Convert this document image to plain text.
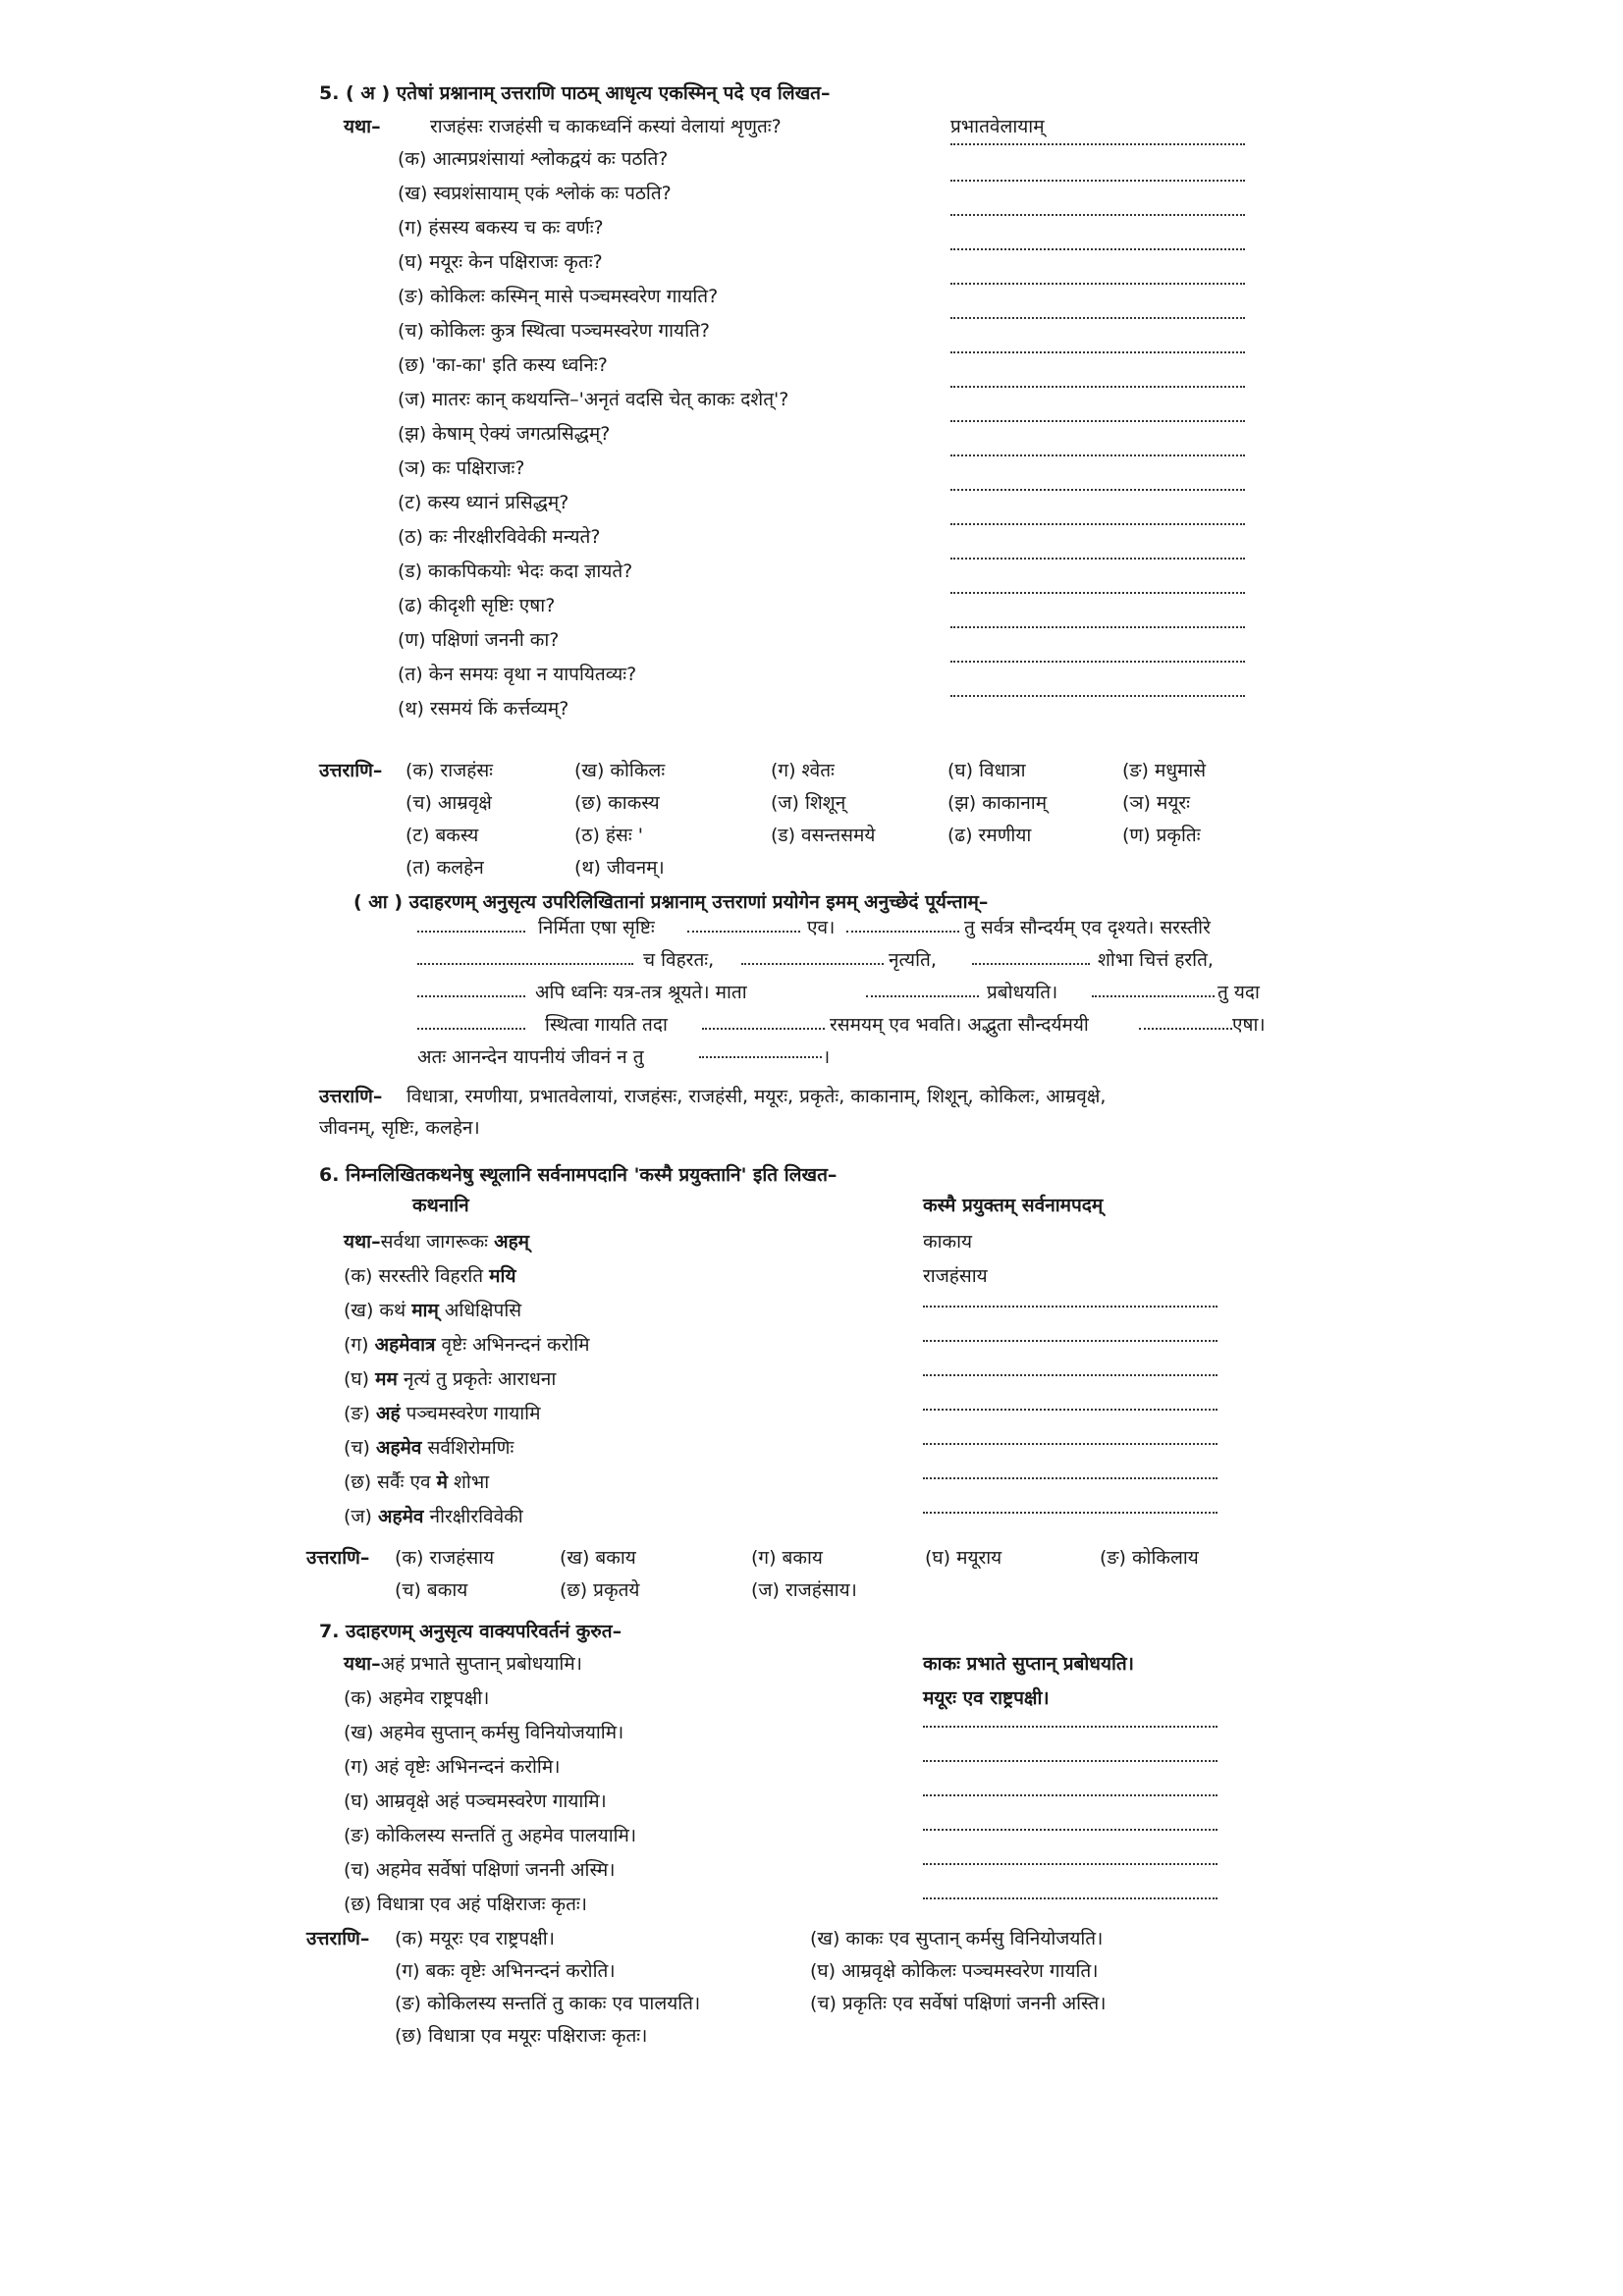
5. ( अ ) एतेषां प्रश्नानाम् उत्तराणि पाठम् आधृत्य एकस्मिन् पदे एव लिखत–
यथा–	राजहंसः राजहंसी च काकध्वनिं कस्यां वेलायां शृणुतः?	प्रभातवेलायाम्
(क) आत्मप्रशंसायां श्लोकद्वयं कः पठति?
(ख) स्वप्रशंसायाम् एकं श्लोकं कः पठति?
(ग) हंसस्य बकस्य च कः वर्णः?
(घ) मयूरः केन पक्षिराजः कृतः?
(ङ) कोकिलः कस्मिन् मासे पञ्चमस्वरेण गायति?
(च) कोकिलः कुत्र स्थित्वा पञ्चमस्वरेण गायति?
(छ) 'का-का' इति कस्य ध्वनिः?
(ज) मातरः कान् कथयन्ति–'अनृतं वदसि चेत् काकः दशेत्'?
(झ) केषाम् ऐक्यं जगत्प्रसिद्धम्?
(ञ) कः पक्षिराजः?
(ट) कस्य ध्यानं प्रसिद्धम्?
(ठ) कः नीरक्षीरविवेकी मन्यते?
(ड) काकपिकयोः भेदः कदा ज्ञायते?
(ढ) कीदृशी सृष्टिः एषा?
(ण) पक्षिणां जननी का?
(त) केन समयः वृथा न यापयितव्यः?
(थ) रसमयं किं कर्त्तव्यम्?
उत्तराणि– (क) राजहंसः	(ख) कोकिलः	(ग) श्वेतः	(घ) विधात्रा	(ङ) मधुमासे
(च) आम्रवृक्षे	(छ) काकस्य	(ज) शिशून्	(झ) काकानाम्	(ञ) मयूरः
(ट) बकस्य	(ठ) हंसः '	(ड) वसन्तसमये	(ढ) रमणीया	(ण) प्रकृतिः
(त) कलहेन	(थ) जीवनम्।
( आ ) उदाहरणम् अनुसृत्य उपरिलिखितानां प्रश्नानाम् उत्तराणां प्रयोगेन इमम् अनुच्छेदं पूर्यन्ताम्–
निर्मिता एषा सृष्टिः	एव।	तु सर्वत्र सौन्दर्यम् एव दृश्यते। सरस्तीरे
च विहरतः,	नृत्यति,	शोभा चित्तं हरति,
अपि ध्वनिः यत्र-तत्र श्रूयते। माता	प्रबोधयति।	तु यदा
स्थित्वा गायति तदा	रसमयम् एव भवति। अद्भुता सौन्दर्यमयी	एषा।
अतः आनन्देन यापनीयं जीवनं न तु	।
उत्तराणि– विधात्रा, रमणीया, प्रभातवेलायां, राजहंसः, राजहंसी, मयूरः, प्रकृतेः, काकानाम्, शिशून्, कोकिलः, आम्रवृक्षे,
जीवनम्, सृष्टिः, कलहेन।
6. निम्नलिखितकथनेषु स्थूलानि सर्वनामपदानि 'कस्मै प्रयुक्तानि' इति लिखत–
कथनानि	कस्मै प्रयुक्तम् सर्वनामपदम्
यथा–सर्वथा जागरूकः अहम्	काकाय
(क) सरस्तीरे विहरति मयि	राजहंसाय
(ख) कथं माम् अधिक्षिपसि
(ग) अहमेवात्र वृष्टेः अभिनन्दनं करोमि
(घ) मम नृत्यं तु प्रकृतेः आराधना
(ङ) अहं पञ्चमस्वरेण गायामि
(च) अहमेव सर्वशिरोमणिः
(छ) सर्वैः एव मे शोभा
(ज) अहमेव नीरक्षीरविवेकी
उत्तराणि– (क) राजहंसाय	(ख) बकाय	(ग) बकाय	(घ) मयूराय	(ङ) कोकिलाय
(च) बकाय	(छ) प्रकृतये	(ज) राजहंसाय।
7. उदाहरणम् अनुसृत्य वाक्यपरिवर्तनं कुरुत–
यथा–अहं प्रभाते सुप्तान् प्रबोधयामि।	काकः प्रभाते सुप्तान् प्रबोधयति।
(क) अहमेव राष्ट्रपक्षी।	मयूरः एव राष्ट्रपक्षी।
(ख) अहमेव सुप्तान् कर्मसु विनियोजयामि।
(ग) अहं वृष्टेः अभिनन्दनं करोमि।
(घ) आम्रवृक्षे अहं पञ्चमस्वरेण गायामि।
(ङ) कोकिलस्य सन्ततिं तु अहमेव पालयामि।
(च) अहमेव सर्वेषां पक्षिणां जननी अस्मि।
(छ) विधात्रा एव अहं पक्षिराजः कृतः।
उत्तराणि– (क) मयूरः एव राष्ट्रपक्षी।	(ख) काकः एव सुप्तान् कर्मसु विनियोजयति।
(ग) बकः वृष्टेः अभिनन्दनं करोति।	(घ) आम्रवृक्षे कोकिलः पञ्चमस्वरेण गायति।
(ङ) कोकिलस्य सन्ततिं तु काकः एव पालयति।	(च) प्रकृतिः एव सर्वेषां पक्षिणां जननी अस्ति।
(छ) विधात्रा एव मयूरः पक्षिराजः कृतः।
